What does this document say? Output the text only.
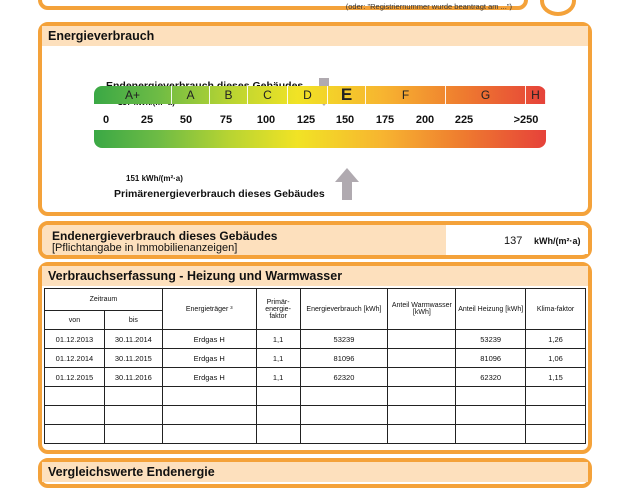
(oder: "Registriernummer wurde beantragt am ...")
Energieverbrauch
A+	A	B	C	D	E	F	G	H
0	25 50	75 100 125 150 175 200 225	>250
151 kWh/(m²·a)
Primärenergieverbrauch dieses Gebäudes
Endenergieverbrauch dieses Gebäudes
[Pflichtangabe in Immobilienanzeigen]
137 kWh/(m²·a)
Verbrauchserfassung - Heizung und Warmwasser
Zeitraum		Energieträger ³	Primär-energie-faktor	Energieverbrauch [kWh]	Anteil Warmwasser [kWh]	Anteil Heizung [kWh]	Klima-faktor
von	bis						
01.12.2013	30.11.2014	Erdgas H	1,1	53239		53239	1,26
01.12.2014	30.11.2015	Erdgas H	1,1	81096		81096	1,06
01.12.2015	30.11.2016	Erdgas H	1,1	62320		62320	1,15

Vergleichswerte Endenergie
